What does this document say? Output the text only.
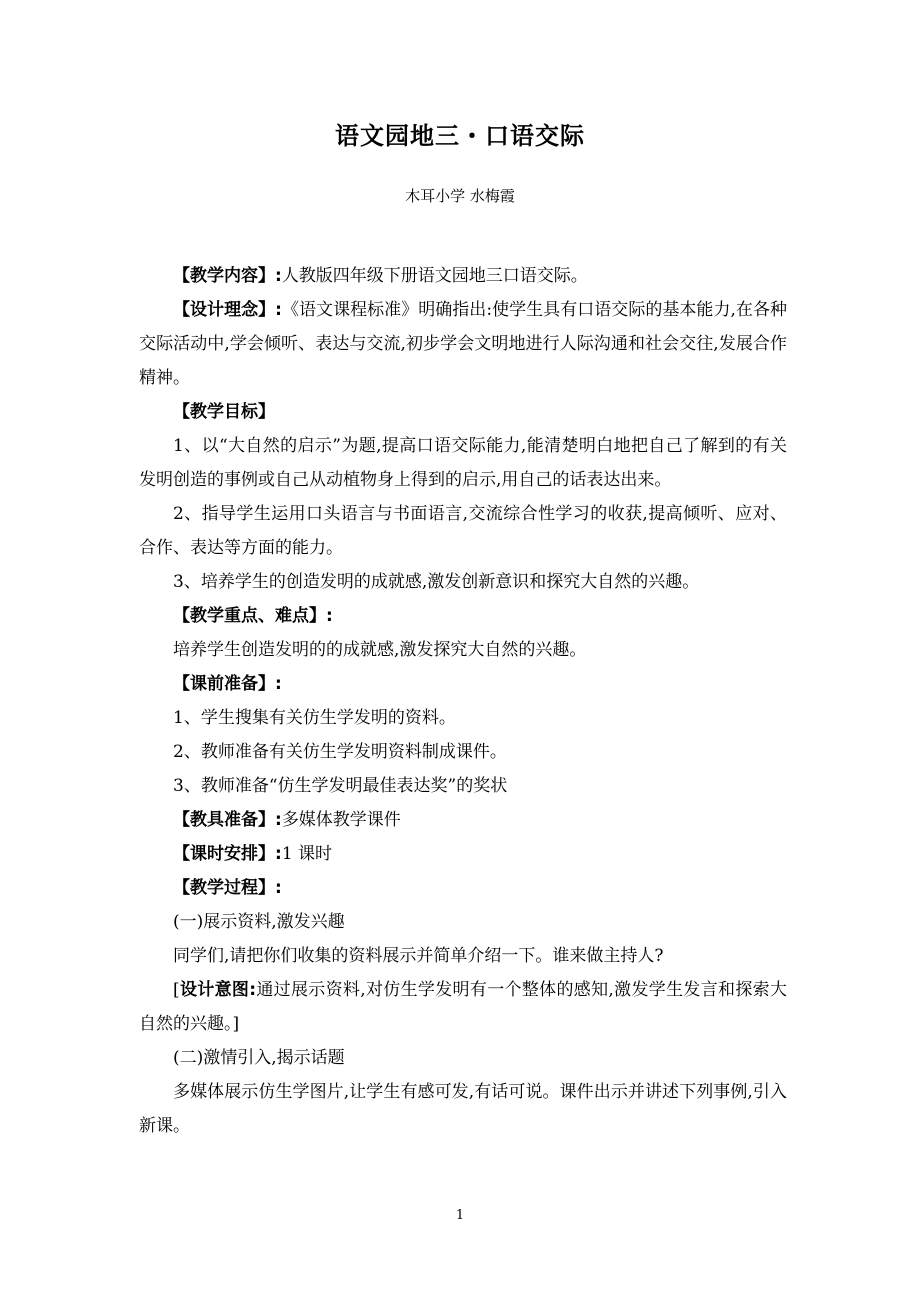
语文园地三・口语交际
木耳小学 水梅霞

【教学内容】:人教版四年级下册语文园地三口语交际。

【设计理念】:《语文课程标准》明确指出:使学生具有口语交际的基本能力,在各种交际活动中,学会倾听、表达与交流,初步学会文明地进行人际沟通和社会交往,发展合作精神。

【教学目标】

1、以“大自然的启示”为题,提高口语交际能力,能清楚明白地把自己了解到的有关发明创造的事例或自己从动植物身上得到的启示,用自己的话表达出来。

2、指导学生运用口头语言与书面语言,交流综合性学习的收获,提高倾听、应对、合作、表达等方面的能力。

3、培养学生的创造发明的成就感,激发创新意识和探究大自然的兴趣。

【教学重点、难点】:

培养学生创造发明的的成就感,激发探究大自然的兴趣。

【课前准备】:

1、学生搜集有关仿生学发明的资料。

2、教师准备有关仿生学发明资料制成课件。

3、教师准备“仿生学发明最佳表达奖”的奖状

【教具准备】:多媒体教学课件

【课时安排】:1 课时

【教学过程】:

(一)展示资料,激发兴趣

同学们,请把你们收集的资料展示并简单介绍一下。谁来做主持人?

[设计意图:通过展示资料,对仿生学发明有一个整体的感知,激发学生发言和探索大自然的兴趣。]

(二)激情引入,揭示话题

多媒体展示仿生学图片,让学生有感可发,有话可说。课件出示并讲述下列事例,引入新课。

1
